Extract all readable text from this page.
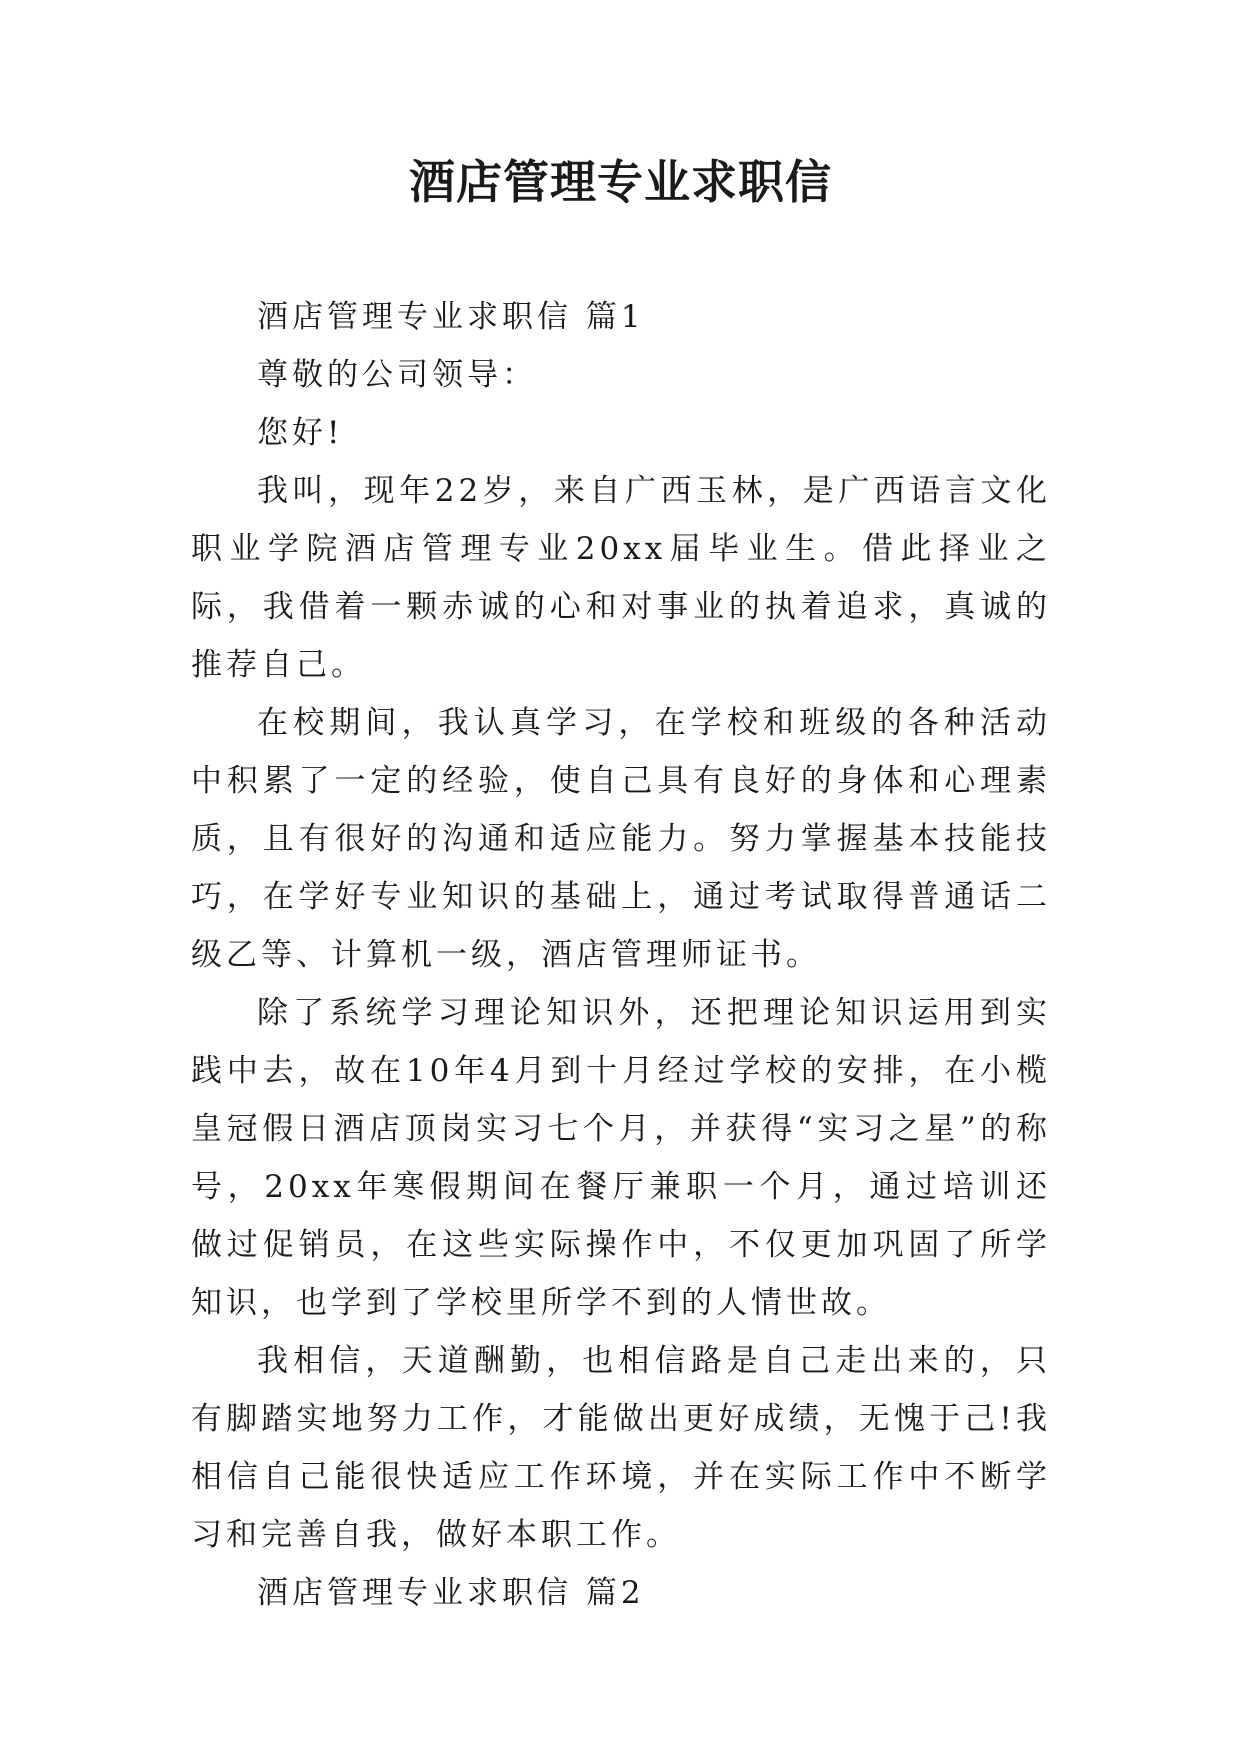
酒店管理专业求职信

酒店管理专业求职信 篇1

尊敬的公司领导：

您好!

我叫，现年22岁，来自广西玉林，是广西语言文化职业学院酒店管理专业20xx届毕业生。借此择业之际，我借着一颗赤诚的心和对事业的执着追求，真诚的推荐自己。

在校期间，我认真学习，在学校和班级的各种活动中积累了一定的经验，使自己具有良好的身体和心理素质，且有很好的沟通和适应能力。努力掌握基本技能技巧，在学好专业知识的基础上，通过考试取得普通话二级乙等、计算机一级，酒店管理师证书。

除了系统学习理论知识外，还把理论知识运用到实践中去，故在10年4月到十月经过学校的安排，在小榄皇冠假日酒店顶岗实习七个月，并获得“实习之星”的称号，20xx年寒假期间在餐厅兼职一个月，通过培训还做过促销员，在这些实际操作中，不仅更加巩固了所学知识，也学到了学校里所学不到的人情世故。

我相信，天道酬勤，也相信路是自己走出来的，只有脚踏实地努力工作，才能做出更好成绩，无愧于己!我相信自己能很快适应工作环境，并在实际工作中不断学习和完善自我，做好本职工作。

酒店管理专业求职信 篇2
